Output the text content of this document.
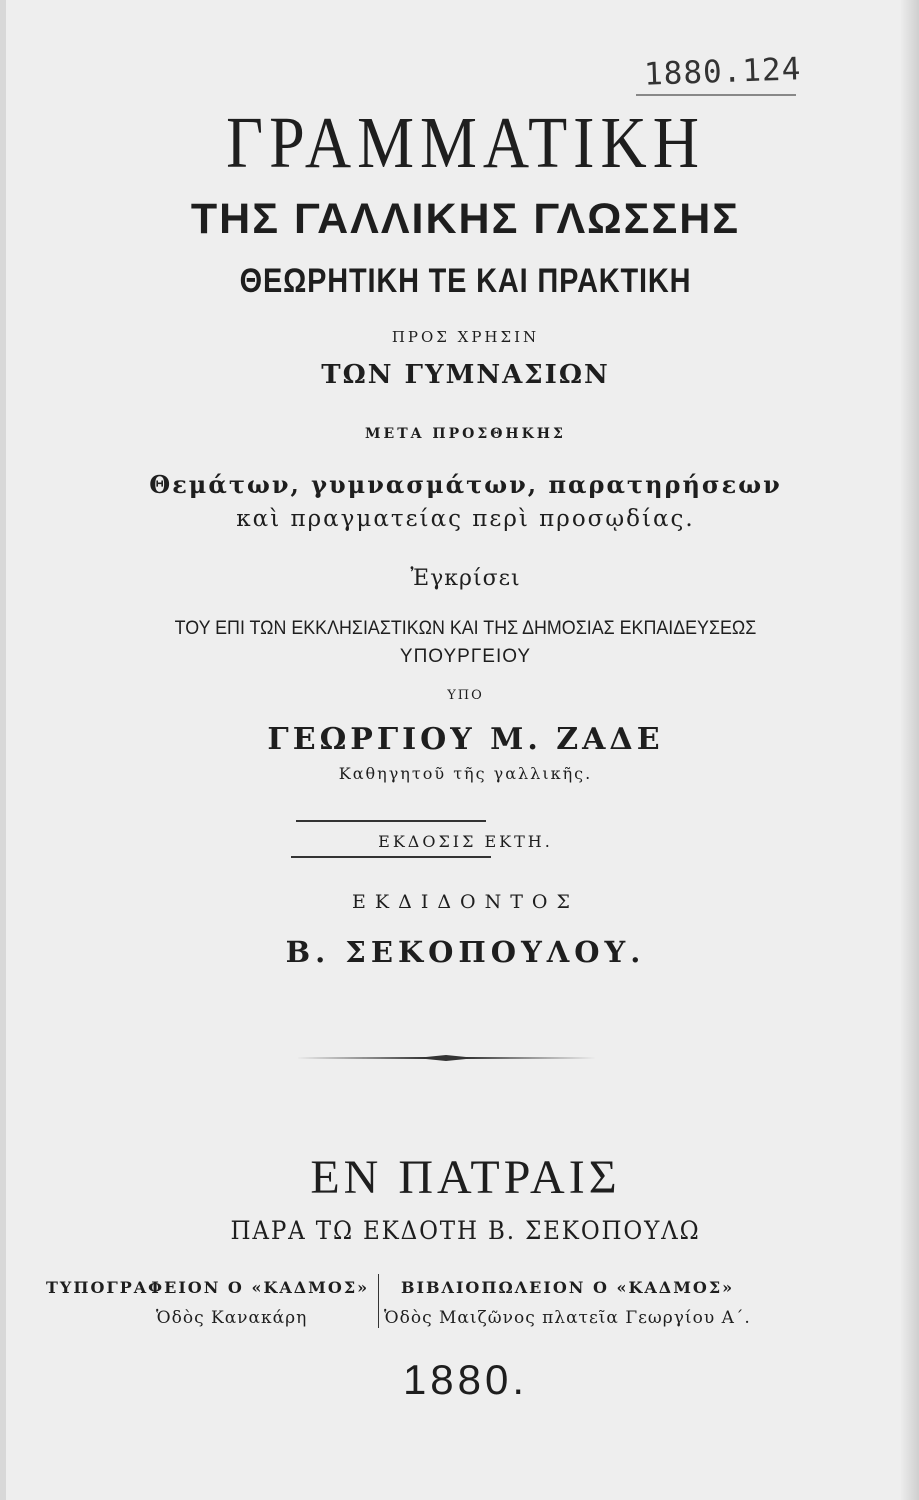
1880.124
ΓΡΑΜΜΑΤΙΚΗ
ΤΗΣ ΓΑΛΛΙΚΗΣ ΓΛΩΣΣΗΣ
ΘΕΩΡΗΤΙΚΗ ΤΕ ΚΑΙ ΠΡΑΚΤΙΚΗ
ΠΡΟΣ ΧΡΗΣΙΝ
ΤΩΝ ΓΥΜΝΑΣΙΩΝ
ΜΕΤΑ ΠΡΟΣΘΗΚΗΣ
Θεμάτων, γυμνασμάτων, παρατηρήσεων
καὶ πραγματείας περὶ προσῳδίας.
Ἐγκρίσει
ΤΟΥ ΕΠΙ ΤΩΝ ΕΚΚΛΗΣΙΑΣΤΙΚΩΝ ΚΑΙ ΤΗΣ ΔΗΜΟΣΙΑΣ ΕΚΠΑΙΔΕΥΣΕΩΣ
ΥΠΟΥΡΓΕΙΟΥ
ΥΠΟ
ΓΕΩΡΓΙΟΥ Μ. ΖΑΔΕ
Καθηγητοῦ τῆς γαλλικῆς.
ΕΚΔΟΣΙΣ ΕΚΤΗ.
ΕΚΔΙΔΟΝΤΟΣ
Β. ΣΕΚΟΠΟΥΛΟΥ.
ΕΝ ΠΑΤΡΑΙΣ
ΠΑΡΑ ΤΩ ΕΚΔΟΤΗ Β. ΣΕΚΟΠΟΥΛΩ
ΤΥΠΟΓΡΑΦΕΙΟΝ Ο «ΚΑΔΜΟΣ»
Ὁδὸς Κανακάρη
ΒΙΒΛΙΟΠΩΛΕΙΟΝ Ο «ΚΑΔΜΟΣ»
Ὁδὸς Μαιζῶνος πλατεῖα Γεωργίου Α΄.
1880.
